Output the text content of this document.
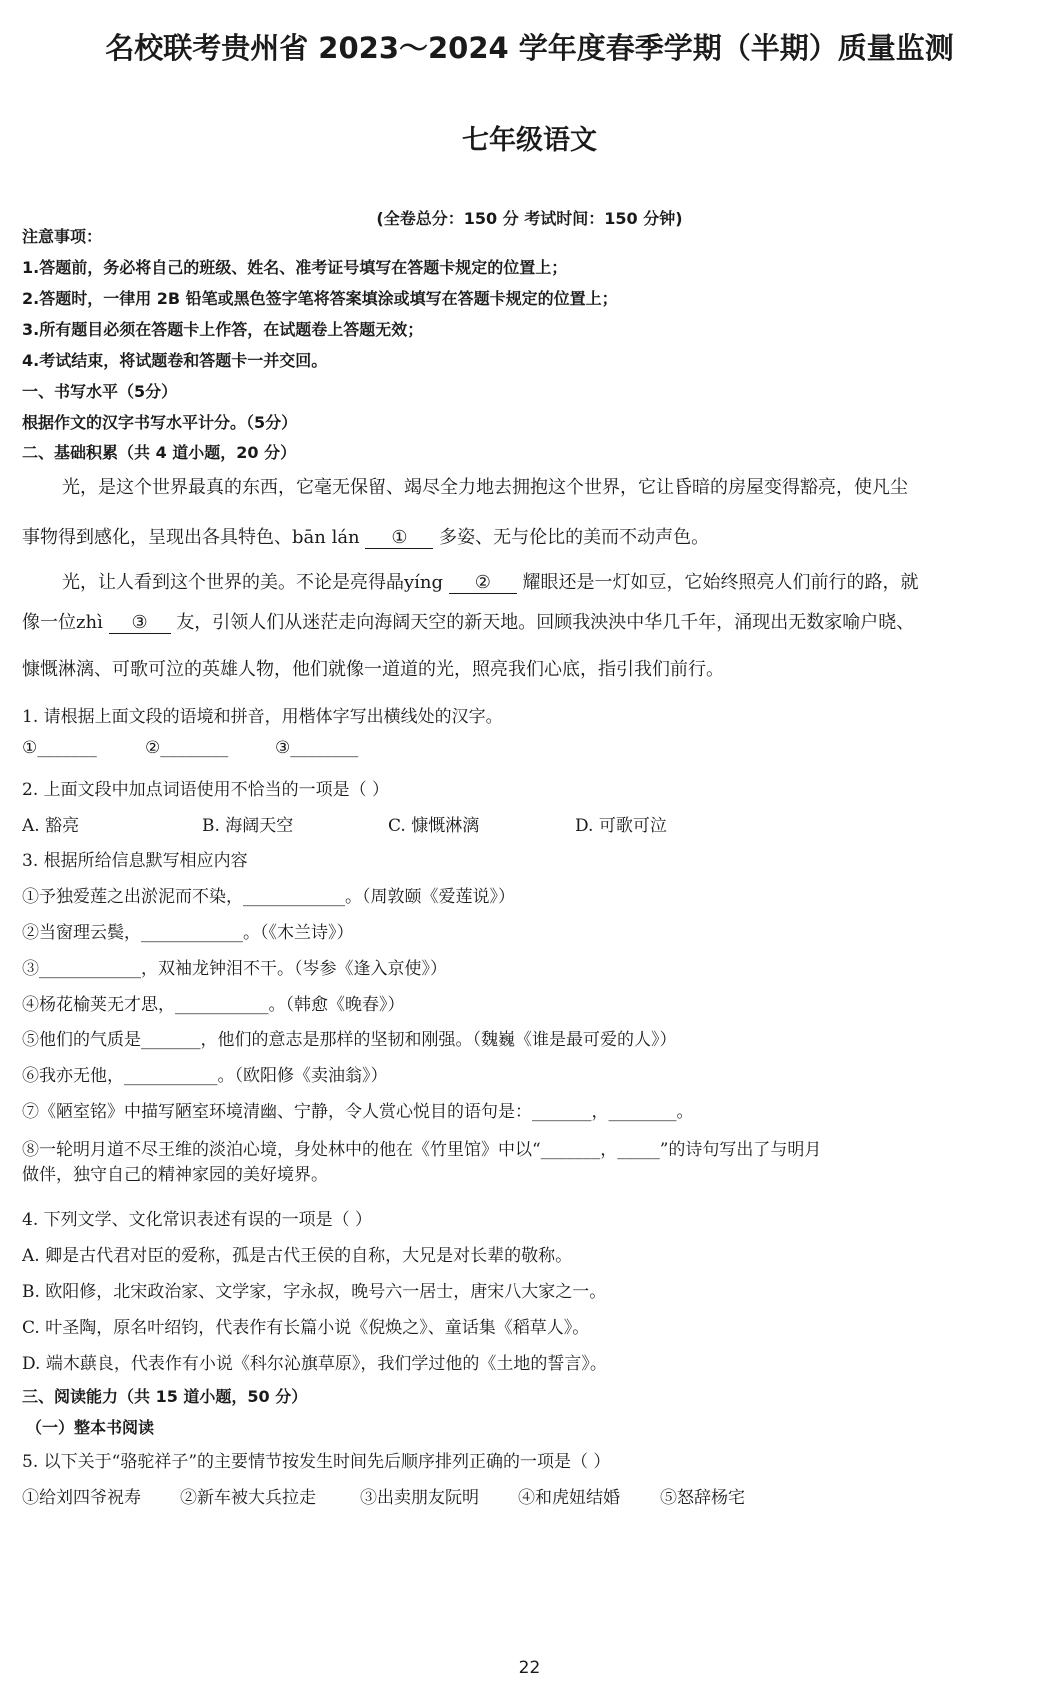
名校联考贵州省 2023～2024 学年度春季学期（半期）质量监测
七年级语文
(全卷总分：150 分 考试时间：150 分钟)
注意事项：
1.答题前，务必将自己的班级、姓名、准考证号填写在答题卡规定的位置上；
2.答题时，一律用 2B 铅笔或黑色签字笔将答案填涂或填写在答题卡规定的位置上；
3.所有题目必须在答题卡上作答，在试题卷上答题无效；
4.考试结束，将试题卷和答题卡一并交回。
一、书写水平（5分）
根据作文的汉字书写水平计分。（5分）
二、基础积累（共 4 道小题，20 分）
光，是这个世界最真的东西，它毫无保留、竭尽全力地去拥抱这个世界，它让昏暗的房屋变得豁亮，使凡尘
事物得到感化，呈现出各具特色、bān lán ① 多姿、无与伦比的美而不动声色。
光，让人看到这个世界的美。不论是亮得晶yíng ② 耀眼还是一灯如豆，它始终照亮人们前行的路，就
像一位zhì ③ 友，引领人们从迷茫走向海阔天空的新天地。回顾我泱泱中华几千年，涌现出无数家喻户晓、
慷慨淋漓、可歌可泣的英雄人物，他们就像一道道的光，照亮我们心底，指引我们前行。
1. 请根据上面文段的语境和拼音，用楷体字写出横线处的汉字。
①_______	②________	③________
2. 上面文段中加点词语使用不恰当的一项是（ ）
A. 豁亮	B. 海阔天空	C. 慷慨淋漓	D. 可歌可泣
3. 根据所给信息默写相应内容
①予独爱莲之出淤泥而不染，____________。（周敦颐《爱莲说》）
②当窗理云鬓，____________。（《木兰诗》）
③____________，双袖龙钟泪不干。（岑参《逢入京使》）
④杨花榆荚无才思，___________。（韩愈《晚春》）
⑤他们的气质是_______，他们的意志是那样的坚韧和刚强。（魏巍《谁是最可爱的人》）
⑥我亦无他，___________。（欧阳修《卖油翁》）
⑦《陋室铭》中描写陋室环境清幽、宁静，令人赏心悦目的语句是：_______，________。
⑧一轮明月道不尽王维的淡泊心境，身处林中的他在《竹里馆》中以“_______，_____”的诗句写出了与明月
做伴，独守自己的精神家园的美好境界。
4. 下列文学、文化常识表述有误的一项是（ ）
A. 卿是古代君对臣的爱称，孤是古代王侯的自称，大兄是对长辈的敬称。
B. 欧阳修，北宋政治家、文学家，字永叔，晚号六一居士，唐宋八大家之一。
C. 叶圣陶，原名叶绍钧，代表作有长篇小说《倪焕之》、童话集《稻草人》。
D. 端木蕻良，代表作有小说《科尔沁旗草原》，我们学过他的《土地的誓言》。
三、阅读能力（共 15 道小题，50 分）
（一）整本书阅读
5. 以下关于“骆驼祥子”的主要情节按发生时间先后顺序排列正确的一项是（ ）
①给刘四爷祝寿 ②新车被大兵拉走	③出卖朋友阮明 ④和虎妞结婚 ⑤怒辞杨宅
22
